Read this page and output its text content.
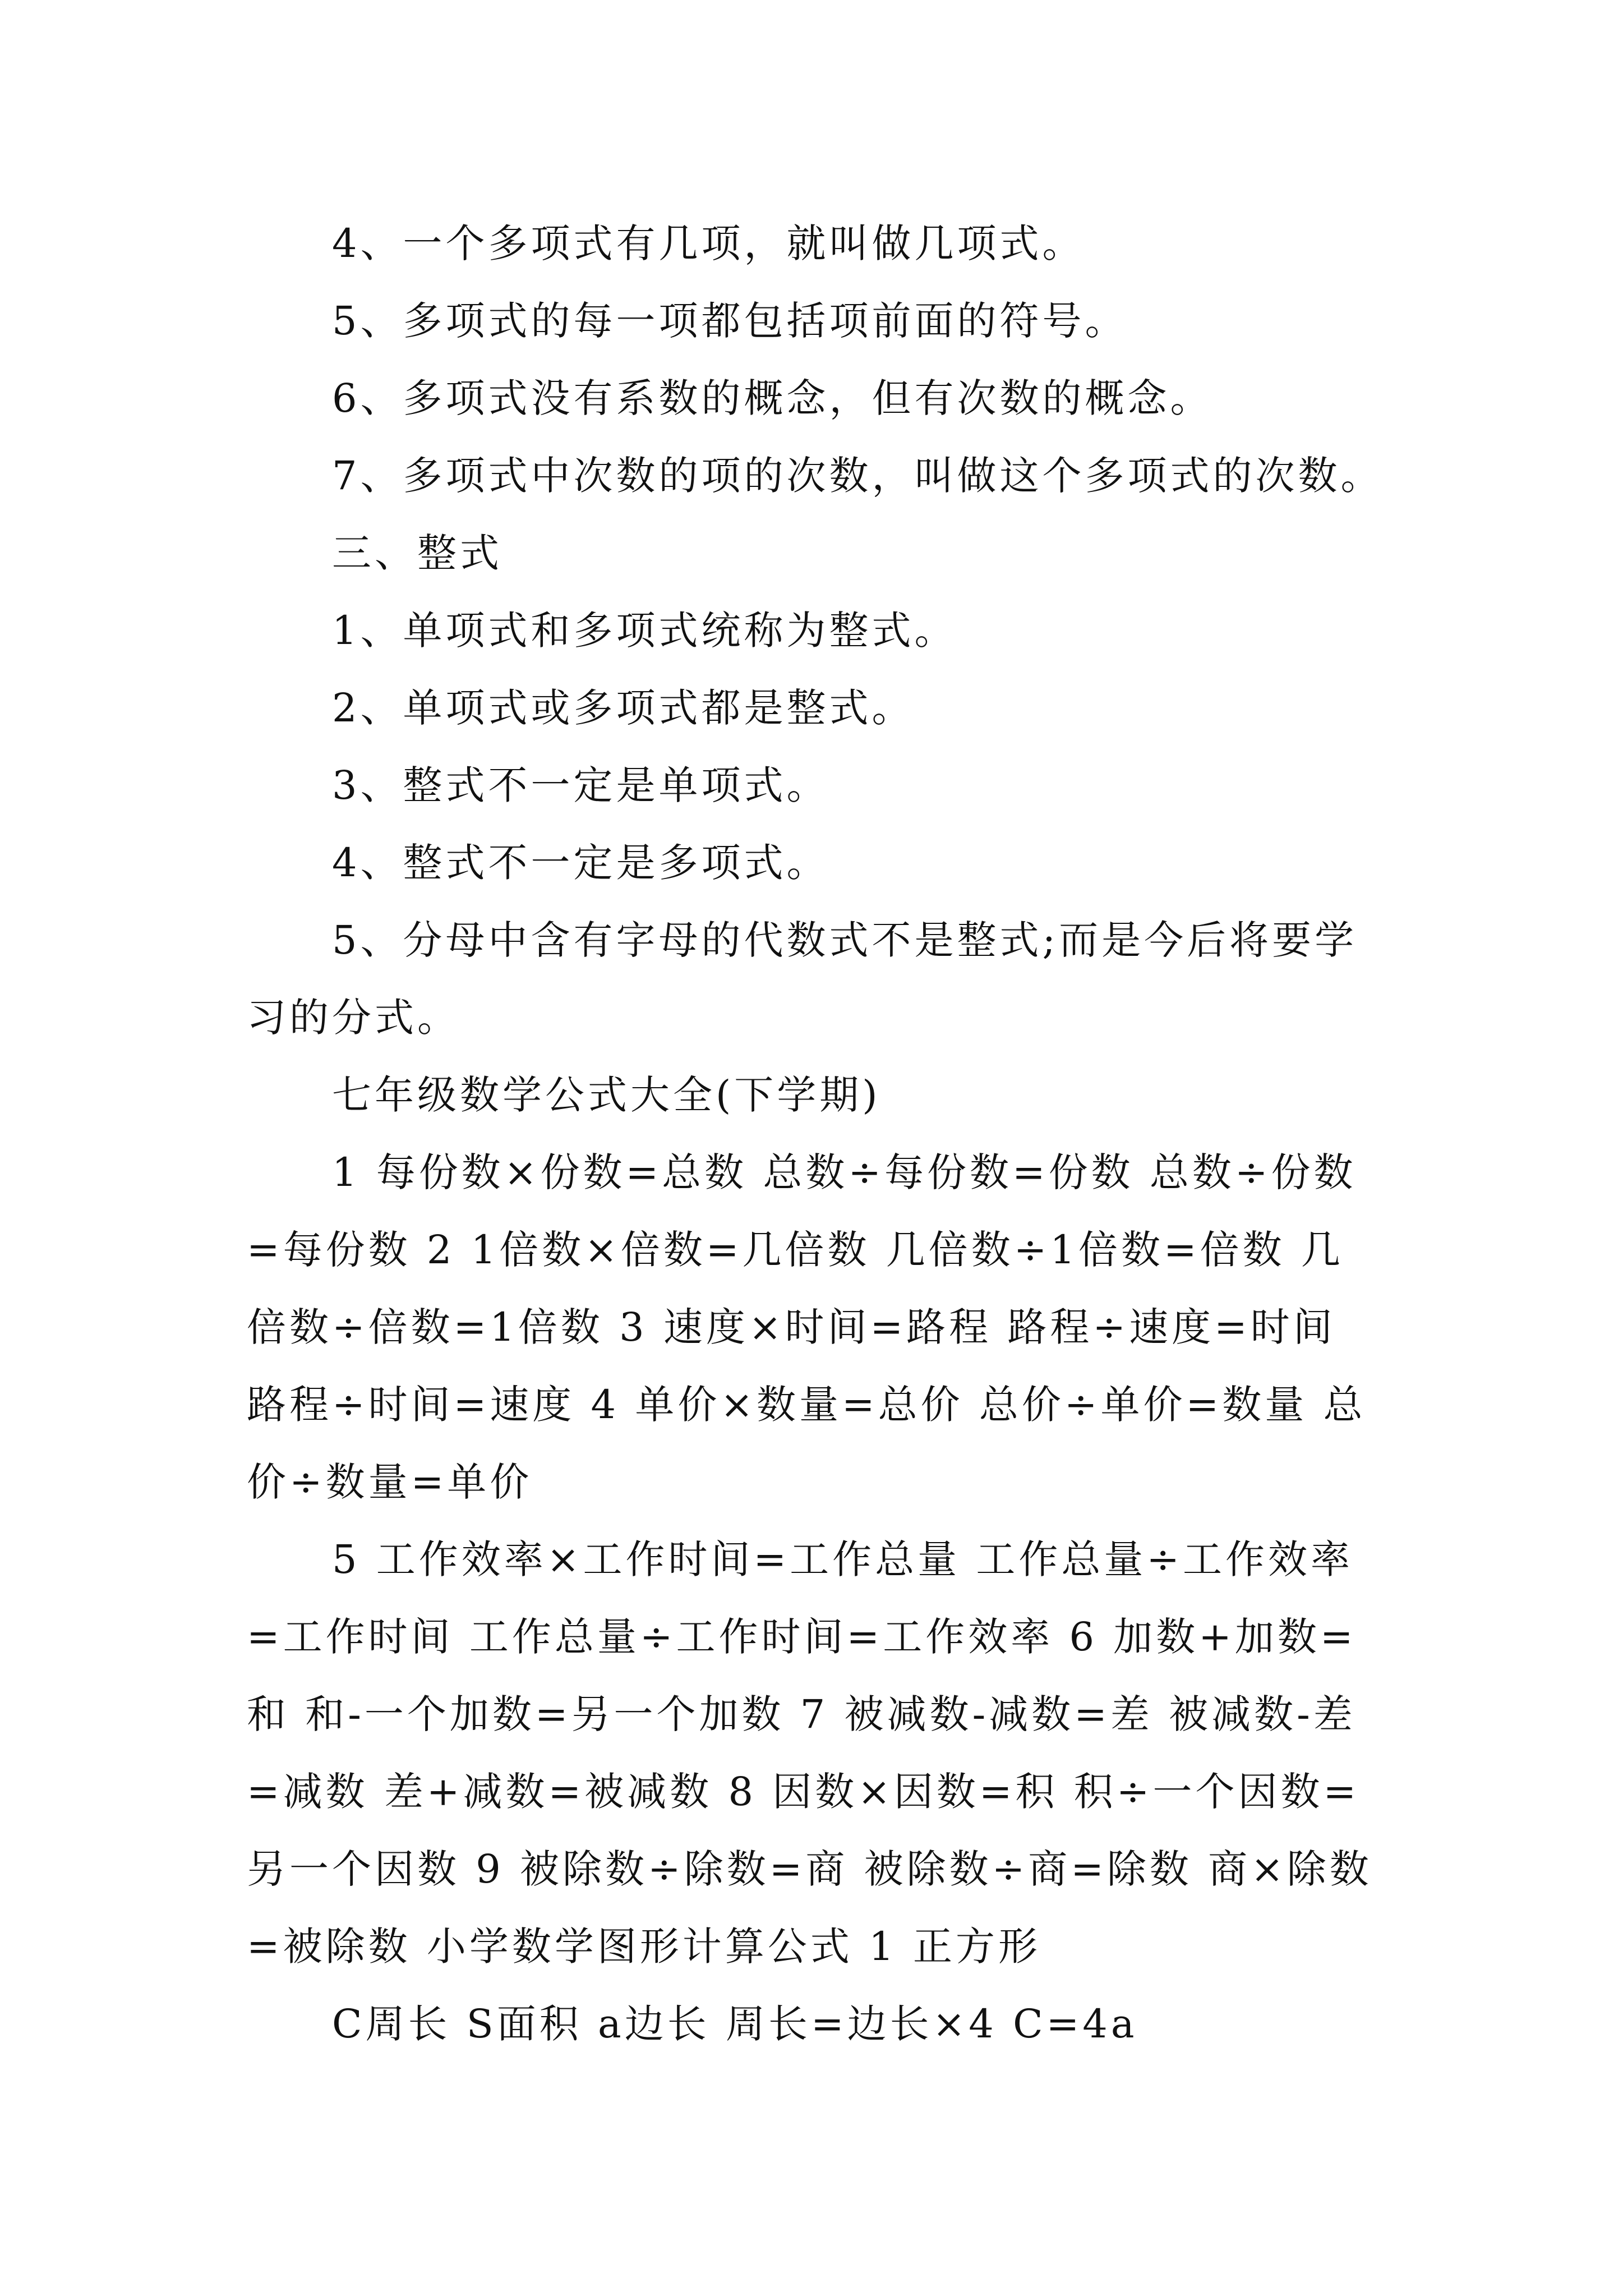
4、一个多项式有几项，就叫做几项式。

5、多项式的每一项都包括项前面的符号。

6、多项式没有系数的概念，但有次数的概念。

7、多项式中次数的项的次数，叫做这个多项式的次数。

三、整式

1、单项式和多项式统称为整式。

2、单项式或多项式都是整式。

3、整式不一定是单项式。

4、整式不一定是多项式。

5、分母中含有字母的代数式不是整式;而是今后将要学习的分式。

七年级数学公式大全(下学期)

1 每份数×份数=总数 总数÷每份数=份数 总数÷份数=每份数 2 1倍数×倍数=几倍数 几倍数÷1倍数=倍数 几倍数÷倍数=1倍数 3 速度×时间=路程 路程÷速度=时间 路程÷时间=速度 4 单价×数量=总价 总价÷单价=数量 总价÷数量=单价

5 工作效率×工作时间=工作总量 工作总量÷工作效率=工作时间 工作总量÷工作时间=工作效率 6 加数+加数=和 和-一个加数=另一个加数 7 被减数-减数=差 被减数-差=减数 差+减数=被减数 8 因数×因数=积 积÷一个因数=另一个因数 9 被除数÷除数=商 被除数÷商=除数 商×除数=被除数 小学数学图形计算公式 1 正方形

C周长 S面积 a边长 周长=边长×4 C=4a
